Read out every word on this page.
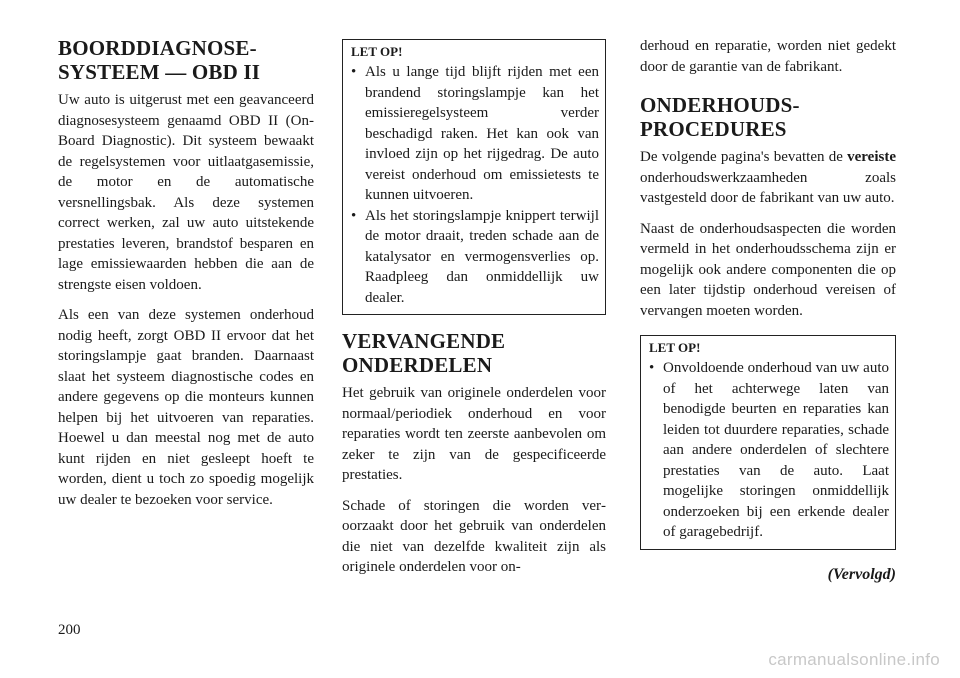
BOORDDIAGNOSE-
SYSTEEM — OBD II

Uw auto is uitgerust met een geavanceerd diagnosesysteem genaamd OBD II (On-Board Diagnostic). Dit systeem bewaakt de regelsystemen voor uitlaatgasemissie, de motor en de automatische versnellingsbak. Als deze systemen correct werken, zal uw auto uitstekende prestaties leveren, brandstof besparen en lage emissiewaarden hebben die aan de strengste eisen voldoen.

Als een van deze systemen onderhoud nodig heeft, zorgt OBD II ervoor dat het storingslampje gaat branden. Daarnaast slaat het systeem diagnostische codes en andere gegevens op die monteurs kunnen helpen bij het uitvoeren van reparaties. Hoewel u dan meestal nog met de auto kunt rijden en niet gesleept hoeft te worden, dient u toch zo spoedig mogelijk uw dealer te bezoeken voor service.

LET OP!
• Als u lange tijd blijft rijden met een brandend storingslampje kan het emissieregelsysteem verder beschadigd raken. Het kan ook van invloed zijn op het rijgedrag. De auto vereist onderhoud om emissietests te kunnen uitvoeren.
• Als het storingslampje knippert terwijl de motor draait, treden schade aan de katalysator en vermogensverlies op. Raadpleeg dan onmiddellijk uw dealer.
VERVANGENDE
ONDERDELEN

Het gebruik van originele onderdelen voor normaal/periodiek onderhoud en voor reparaties wordt ten zeerste aanbevolen om zeker te zijn van de gespecificeerde prestaties.

Schade of storingen die worden veroorzaakt door het gebruik van onderdelen die niet van dezelfde kwaliteit zijn als originele onderdelen voor on-

derhoud en reparatie, worden niet gedekt door de garantie van de fabrikant.

ONDERHOUDS-
PROCEDURES

De volgende pagina's bevatten de vereiste onderhoudswerkzaamheden zoals vastgesteld door de fabrikant van uw auto.

Naast de onderhoudsaspecten die worden vermeld in het onderhoudsschema zijn er mogelijk ook andere componenten die op een later tijdstip onderhoud vereisen of vervangen moeten worden.

LET OP!
• Onvoldoende onderhoud van uw auto of het achterwege laten van benodigde beurten en reparaties kan leiden tot duurdere reparaties, schade aan andere onderdelen of slechtere prestaties van de auto. Laat mogelijke storingen onmiddellijk onderzoeken bij een erkende dealer of garagebedrijf.
(Vervolgd)
200
carmanualsonline.info
